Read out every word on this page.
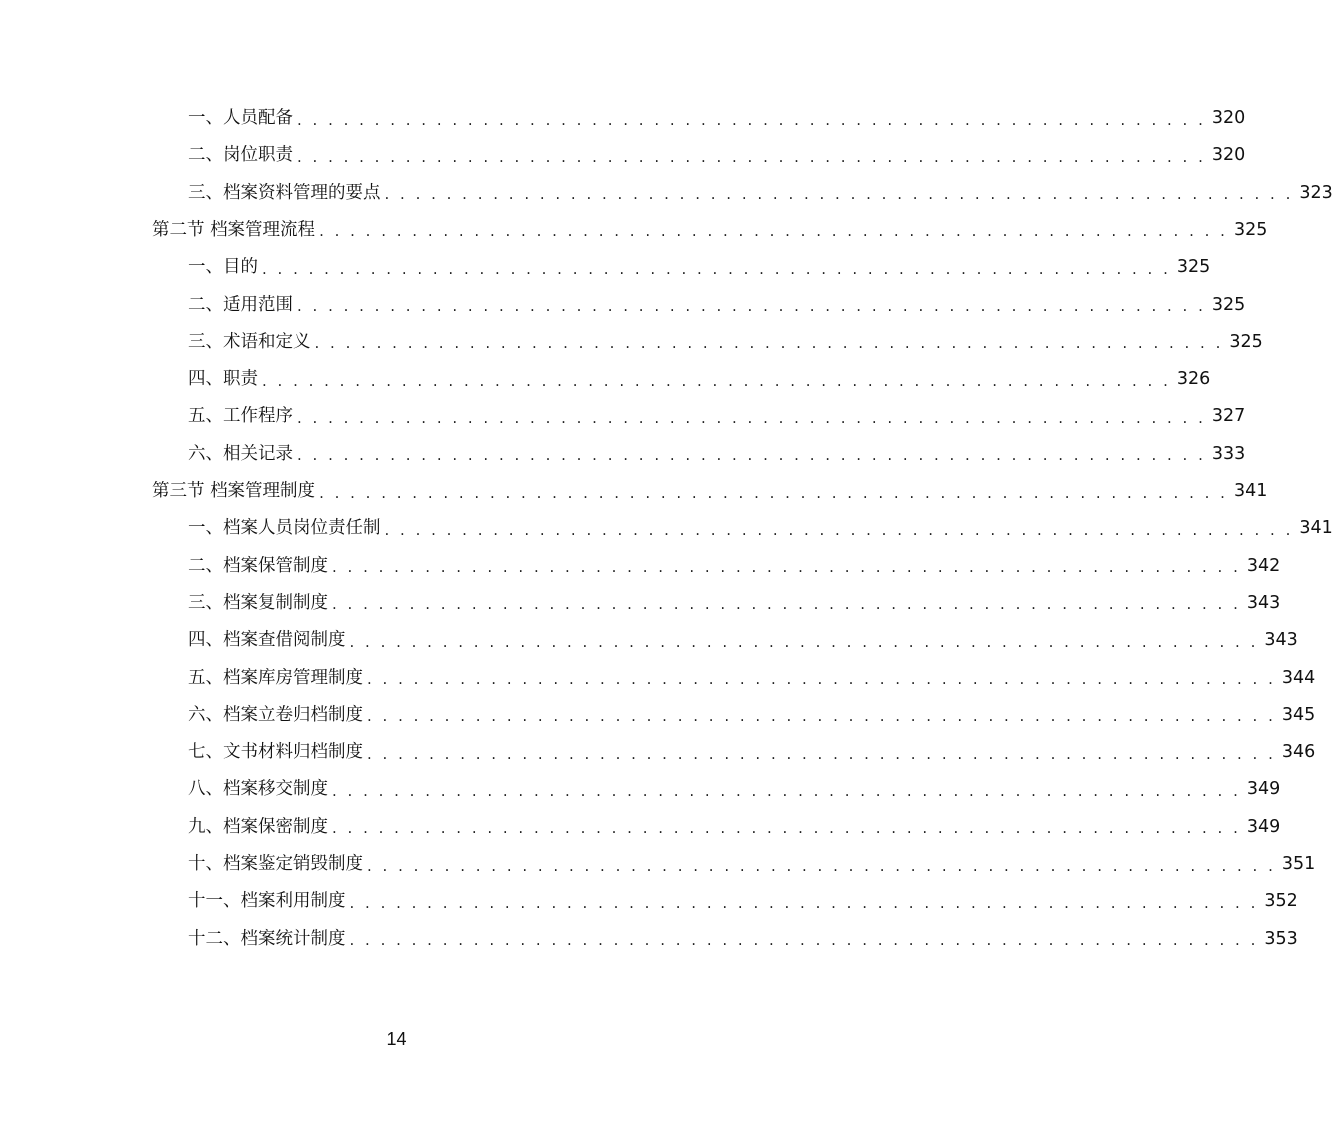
一、人员配备 . . . . . . . . . . . . . . . . . . . . . . . . . . . . . . . . . . . . . . . . . . . . . . . . . . . . . . . . . . . 320
二、岗位职责 . . . . . . . . . . . . . . . . . . . . . . . . . . . . . . . . . . . . . . . . . . . . . . . . . . . . . . . . . . . 320
三、档案资料管理的要点 . . . . . . . . . . . . . . . . . . . . . . . . . . . . . . . . . . . . . . . . . . . . . . . . . . . . . . . . . . . 323
第二节 档案管理流程 . . . . . . . . . . . . . . . . . . . . . . . . . . . . . . . . . . . . . . . . . . . . . . . . . . . . . . . . . . . 325
一、目的 . . . . . . . . . . . . . . . . . . . . . . . . . . . . . . . . . . . . . . . . . . . . . . . . . . . . . . . . . . . 325
二、适用范围 . . . . . . . . . . . . . . . . . . . . . . . . . . . . . . . . . . . . . . . . . . . . . . . . . . . . . . . . . . . 325
三、术语和定义 . . . . . . . . . . . . . . . . . . . . . . . . . . . . . . . . . . . . . . . . . . . . . . . . . . . . . . . . . . . 325
四、职责 . . . . . . . . . . . . . . . . . . . . . . . . . . . . . . . . . . . . . . . . . . . . . . . . . . . . . . . . . . . 326
五、工作程序 . . . . . . . . . . . . . . . . . . . . . . . . . . . . . . . . . . . . . . . . . . . . . . . . . . . . . . . . . . . 327
六、相关记录 . . . . . . . . . . . . . . . . . . . . . . . . . . . . . . . . . . . . . . . . . . . . . . . . . . . . . . . . . . . 333
第三节 档案管理制度 . . . . . . . . . . . . . . . . . . . . . . . . . . . . . . . . . . . . . . . . . . . . . . . . . . . . . . . . . . . 341
一、档案人员岗位责任制 . . . . . . . . . . . . . . . . . . . . . . . . . . . . . . . . . . . . . . . . . . . . . . . . . . . . . . . . . . . 341
二、档案保管制度 . . . . . . . . . . . . . . . . . . . . . . . . . . . . . . . . . . . . . . . . . . . . . . . . . . . . . . . . . . . 342
三、档案复制制度 . . . . . . . . . . . . . . . . . . . . . . . . . . . . . . . . . . . . . . . . . . . . . . . . . . . . . . . . . . . 343
四、档案查借阅制度 . . . . . . . . . . . . . . . . . . . . . . . . . . . . . . . . . . . . . . . . . . . . . . . . . . . . . . . . . . . 343
五、档案库房管理制度 . . . . . . . . . . . . . . . . . . . . . . . . . . . . . . . . . . . . . . . . . . . . . . . . . . . . . . . . . . . 344
六、档案立卷归档制度 . . . . . . . . . . . . . . . . . . . . . . . . . . . . . . . . . . . . . . . . . . . . . . . . . . . . . . . . . . . 345
七、文书材料归档制度 . . . . . . . . . . . . . . . . . . . . . . . . . . . . . . . . . . . . . . . . . . . . . . . . . . . . . . . . . . . 346
八、档案移交制度 . . . . . . . . . . . . . . . . . . . . . . . . . . . . . . . . . . . . . . . . . . . . . . . . . . . . . . . . . . . 349
九、档案保密制度 . . . . . . . . . . . . . . . . . . . . . . . . . . . . . . . . . . . . . . . . . . . . . . . . . . . . . . . . . . . 349
十、档案鉴定销毁制度 . . . . . . . . . . . . . . . . . . . . . . . . . . . . . . . . . . . . . . . . . . . . . . . . . . . . . . . . . . . 351
十一、档案利用制度 . . . . . . . . . . . . . . . . . . . . . . . . . . . . . . . . . . . . . . . . . . . . . . . . . . . . . . . . . . . 352
十二、档案统计制度 . . . . . . . . . . . . . . . . . . . . . . . . . . . . . . . . . . . . . . . . . . . . . . . . . . . . . . . . . . . 353
14
